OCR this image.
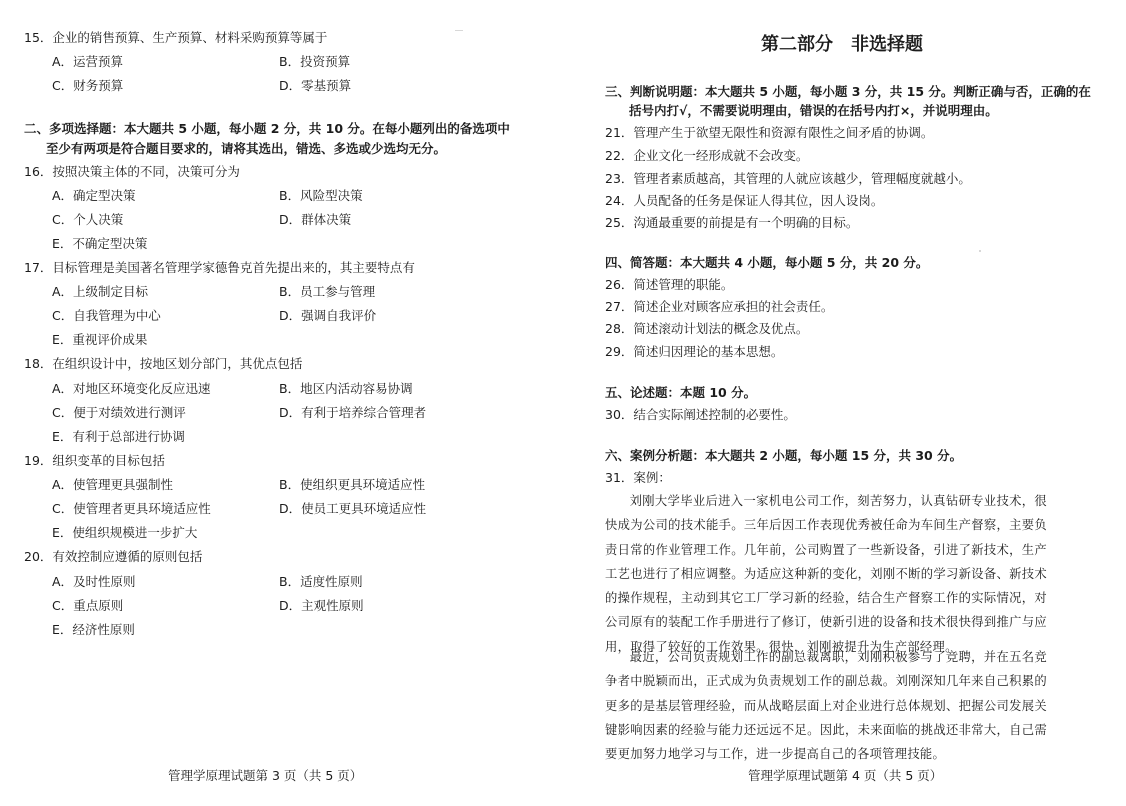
15．企业的销售预算、生产预算、材料采购预算等属于
A．运营预算	B．投资预算
C．财务预算	D．零基预算
二、多项选择题：本大题共 5 小题，每小题 2 分，共 10 分。在每小题列出的备选项中
至少有两项是符合题目要求的，请将其选出，错选、多选或少选均无分。
16．按照决策主体的不同，决策可分为
A．确定型决策	B．风险型决策
C．个人决策	D．群体决策
E．不确定型决策
17．目标管理是美国著名管理学家德鲁克首先提出来的，其主要特点有
A．上级制定目标	B．员工参与管理
C．自我管理为中心	D．强调自我评价
E．重视评价成果
18．在组织设计中，按地区划分部门，其优点包括
A．对地区环境变化反应迅速	B．地区内活动容易协调
C．便于对绩效进行测评	D．有利于培养综合管理者
E．有利于总部进行协调
19．组织变革的目标包括
A．使管理更具强制性	B．使组织更具环境适应性
C．使管理者更具环境适应性	D．使员工更具环境适应性
E．使组织规模进一步扩大
20．有效控制应遵循的原则包括
A．及时性原则	B．适度性原则
C．重点原则	D．主观性原则
E．经济性原则
管理学原理试题第 3 页（共 5 页）
第二部分　非选择题
三、判断说明题：本大题共 5 小题，每小题 3 分，共 15 分。判断正确与否，正确的在
括号内打√，不需要说明理由，错误的在括号内打×，并说明理由。
21．管理产生于欲望无限性和资源有限性之间矛盾的协调。
22．企业文化一经形成就不会改变。
23．管理者素质越高，其管理的人就应该越少，管理幅度就越小。
24．人员配备的任务是保证人得其位，因人设岗。
25．沟通最重要的前提是有一个明确的目标。
四、简答题：本大题共 4 小题，每小题 5 分，共 20 分。
26．简述管理的职能。
27．简述企业对顾客应承担的社会责任。
28．简述滚动计划法的概念及优点。
29．简述归因理论的基本思想。
五、论述题：本题 10 分。
30．结合实际阐述控制的必要性。
六、案例分析题：本大题共 2 小题，每小题 15 分，共 30 分。
31．案例：
刘刚大学毕业后进入一家机电公司工作，刻苦努力，认真钻研专业技术，很快成为公司的技术能手。三年后因工作表现优秀被任命为车间生产督察，主要负责日常的作业管理工作。几年前，公司购置了一些新设备，引进了新技术，生产工艺也进行了相应调整。为适应这种新的变化，刘刚不断的学习新设备、新技术的操作规程，主动到其它工厂学习新的经验，结合生产督察工作的实际情况，对公司原有的装配工作手册进行了修订，使新引进的设备和技术很快得到推广与应用，取得了较好的工作效果。很快，刘刚被提升为生产部经理。
最近，公司负责规划工作的副总裁离职，刘刚积极参与了竞聘，并在五名竞争者中脱颖而出，正式成为负责规划工作的副总裁。刘刚深知几年来自己积累的更多的是基层管理经验，而从战略层面上对企业进行总体规划、把握公司发展关键影响因素的经验与能力还远远不足。因此，未来面临的挑战还非常大，自己需要更加努力地学习与工作，进一步提高自己的各项管理技能。
管理学原理试题第 4 页（共 5 页）
